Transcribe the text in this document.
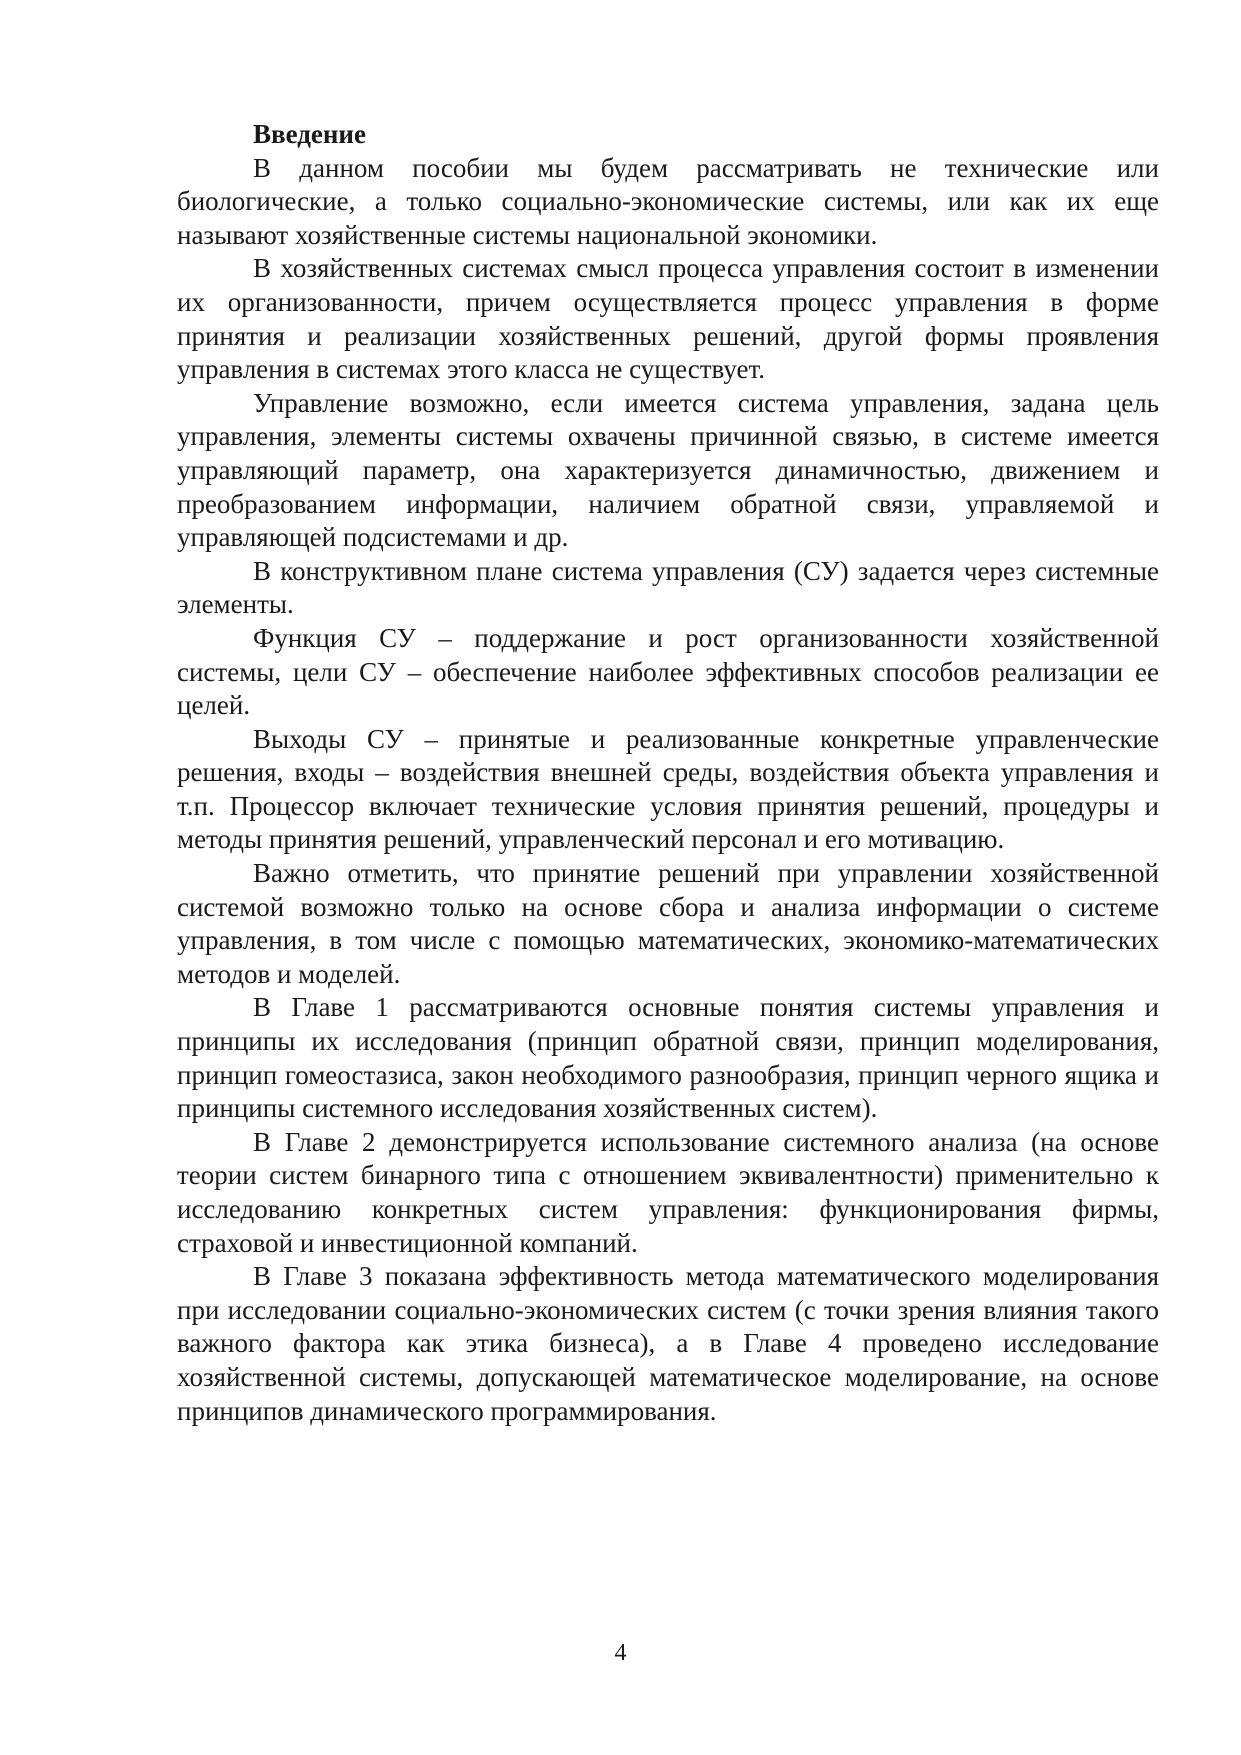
Введение

В данном пособии мы будем рассматривать не технические или биологические, а только социально-экономические системы, или как их еще называют хозяйственные системы национальной экономики.

В хозяйственных системах смысл процесса управления состоит в изменении их организованности, причем осуществляется процесс управления в форме принятия и реализации хозяйственных решений, другой формы проявления управления в системах этого класса не существует.

Управление возможно, если имеется система управления, задана цель управления, элементы системы охвачены причинной связью, в системе имеется управляющий параметр, она характеризуется динамичностью, движением и преобразованием информации, наличием обратной связи, управляемой и управляющей подсистемами и др.

В конструктивном плане система управления (СУ) задается через системные элементы.

Функция СУ – поддержание и рост организованности хозяйственной системы, цели СУ – обеспечение наиболее эффективных способов реализации ее целей.

Выходы СУ – принятые и реализованные конкретные управленческие решения, входы – воздействия внешней среды, воздействия объекта управления и т.п. Процессор включает технические условия принятия решений, процедуры и методы принятия решений, управленческий персонал и его мотивацию.

Важно отметить, что принятие решений при управлении хозяйственной системой возможно только на основе сбора и анализа информации о системе управления, в том числе с помощью математических, экономико-математических методов и моделей.

В Главе 1 рассматриваются основные понятия системы управления и принципы их исследования (принцип обратной связи, принцип моделирования, принцип гомеостазиса, закон необходимого разнообразия, принцип черного ящика и принципы системного исследования хозяйственных систем).

В Главе 2 демонстрируется использование системного анализа (на основе теории систем бинарного типа с отношением эквивалентности) применительно к исследованию конкретных систем управления: функционирования фирмы, страховой и инвестиционной компаний.

В Главе 3 показана эффективность метода математического моделирования при исследовании социально-экономических систем (с точки зрения влияния такого важного фактора как этика бизнеса), а в Главе 4 проведено исследование хозяйственной системы, допускающей математическое моделирование, на основе принципов динамического программирования.

4
